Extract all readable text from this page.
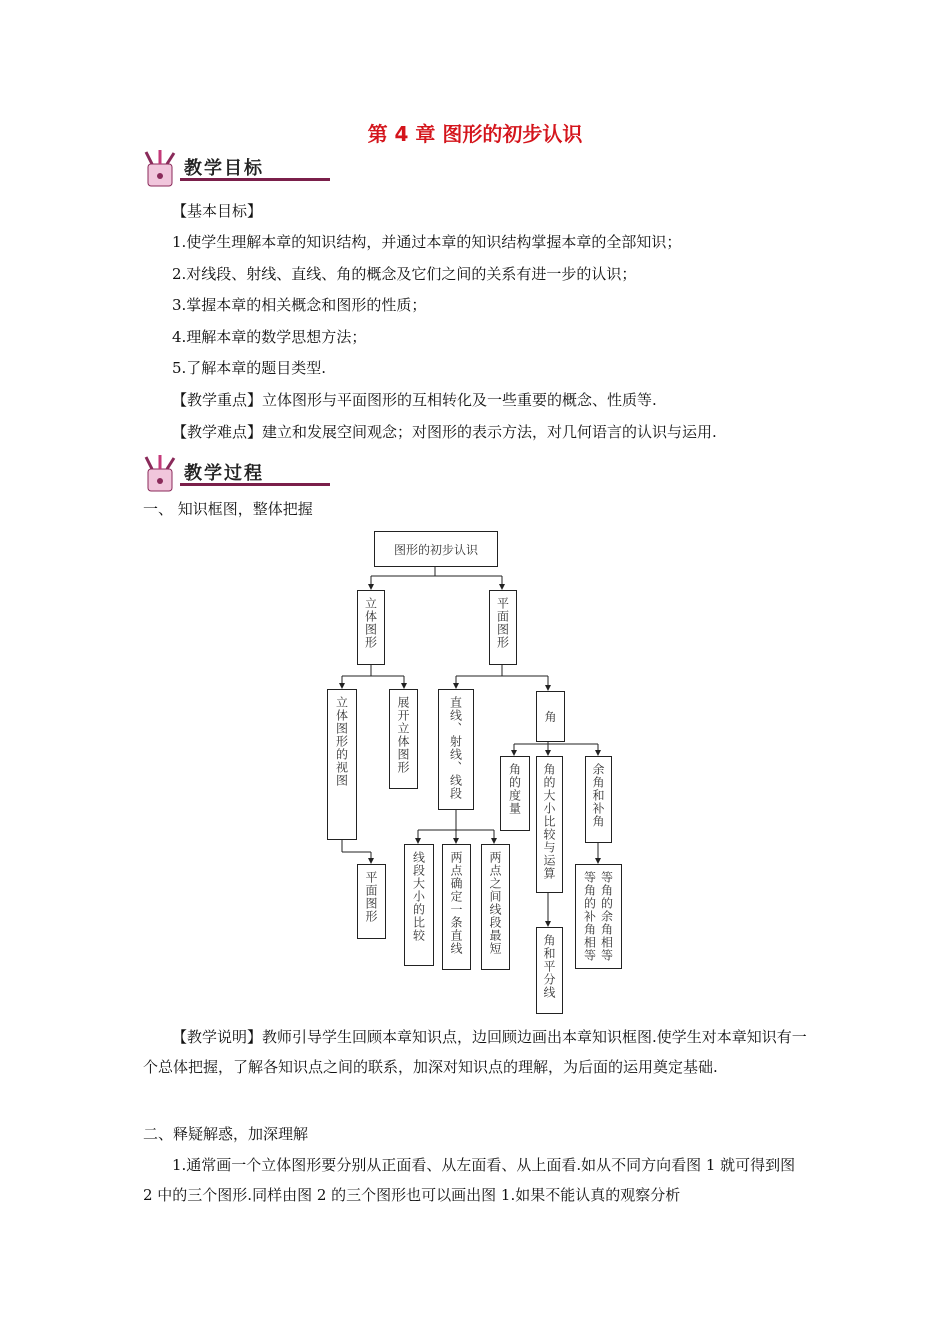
第 4 章 图形的初步认识
教学目标
【基本目标】
1.使学生理解本章的知识结构，并通过本章的知识结构掌握本章的全部知识；
2.对线段、射线、直线、角的概念及它们之间的关系有进一步的认识；
3.掌握本章的相关概念和图形的性质；
4.理解本章的数学思想方法；
5.了解本章的题目类型.
【教学重点】立体图形与平面图形的互相转化及一些重要的概念、性质等.
【教学难点】建立和发展空间观念；对图形的表示方法，对几何语言的认识与运用.
教学过程
一、 知识框图，整体把握
图形的初步认识
立体图形	平面图形
立体图形的视图	展开立体图形	直线、射线、线段	角
角的度量	角的大小比较与运算	余角和补角
平面图形	线段大小的比较	两点确定一条直线	两点之间线段最短
角和平分线
等角的余角相等
等角的补角相等
【教学说明】教师引导学生回顾本章知识点，边回顾边画出本章知识框图.使学生对本章知识有一个总体把握，了解各知识点之间的联系，加深对知识点的理解，为后面的运用奠定基础.
二、释疑解惑，加深理解
1.通常画一个立体图形要分别从正面看、从左面看、从上面看.如从不同方向看图 1 就可得到图 2 中的三个图形.同样由图 2 的三个图形也可以画出图 1.如果不能认真的观察分析
